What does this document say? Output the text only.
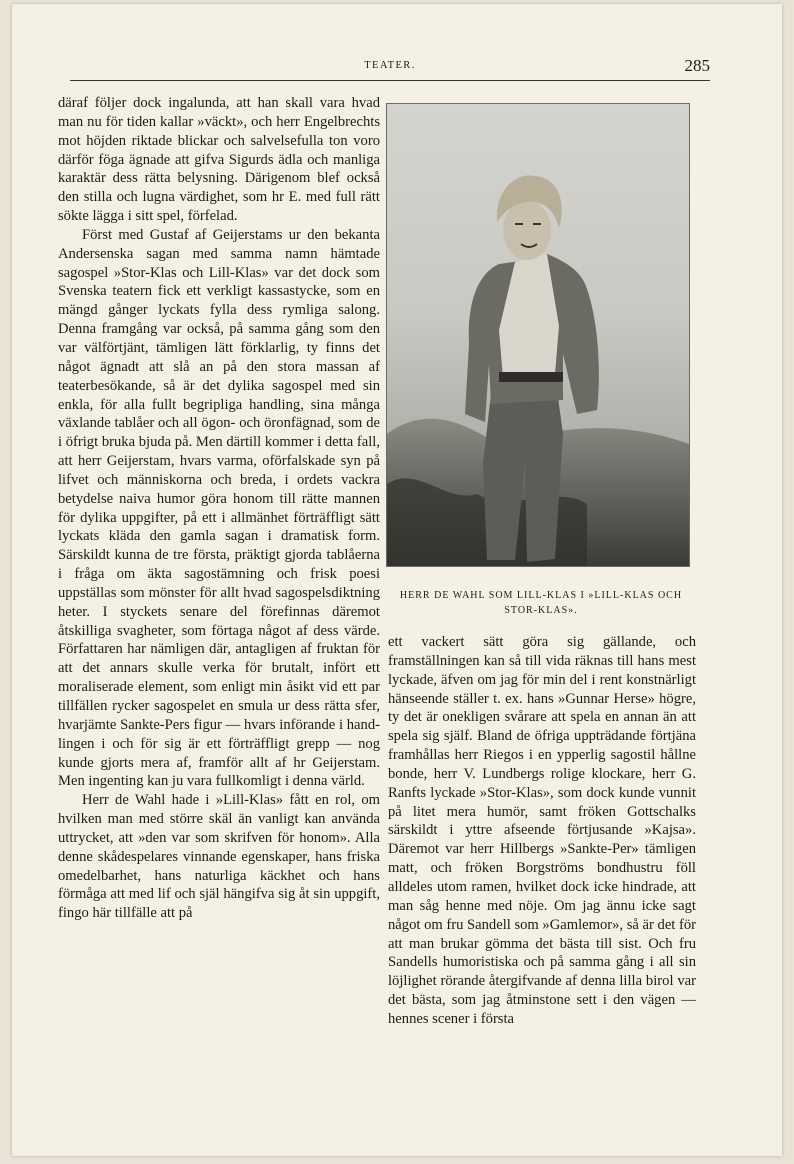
TEATER.	285

däraf följer dock ingalunda, att han skall vara hvad man nu för tiden kallar »väckt», och herr Engelbrechts mot höjden riktade blickar och salvelsefulla ton voro därför föga ägnade att gifva Sigurds ädla och manliga karaktär dess rätta belysning. Därigenom blef också den stilla och lugna värdighet, som hr E. med full rätt sökte lägga i sitt spel, förfelad.

Först med Gustaf af Geijerstams ur den bekanta Andersenska sagan med samma namn hämtade sagospel »Stor-Klas och Lill-Klas» var det dock som Svenska teatern fick ett verkligt kassastycke, som en mängd gånger lyckats fylla dess rymliga salong. Denna framgång var också, på samma gång som den var välförtjänt, tämligen lätt förklarlig, ty finns det något ägnadt att slå an på den stora massan af teaterbesökande, så är det dylika sagospel med sin enkla, för alla fullt begripliga handling, sina många växlande tablåer och all ögon- och öronfägnad, som de i öfrigt bruka bjuda på. Men därtill kommer i detta fall, att herr Geijerstam, hvars varma, oförfalskade syn på lifvet och människorna och breda, i ordets vackra betydelse naiva humor göra honom till rätte mannen för dylika uppgifter, på ett i allmänhet förträffligt sätt lyckats kläda den gamla sagan i dramatisk form. Särskildt kunna de tre första, präktigt gjorda tablåerna i fråga om äkta sagostämning och frisk poesi uppställas som mönster för allt hvad sagospelsdiktning heter. I styckets senare del förefinnas däremot åtskilliga svagheter, som förtaga något af dess värde. Författaren har nämligen där, antagligen af fruktan för att det annars skulle verka för brutalt, infört ett moraliserade element, som enligt min åsikt vid ett par tillfällen rycker sagospelet en smula ur dess rätta sfer, hvarjämte Sankte-Pers figur — hvars införande i handlingen i och för sig är ett förträffligt grepp — nog kunde gjorts mera af, framför allt af hr Geijerstam. Men ingenting kan ju vara fullkomligt i denna värld.

Herr de Wahl hade i »Lill-Klas» fått en rol, om hvilken man med större skäl än vanligt kan använda uttrycket, att »den var som skrifven för honom». Alla denne skådespelares vinnande egenskaper, hans friska omedelbarhet, hans naturliga käckhet och hans förmåga att med lif och själ hängifva sig åt sin uppgift, fingo här tillfälle att på

HERR DE WAHL SOM LILL-KLAS I »LILL-KLAS OCH STOR-KLAS».

ett vackert sätt göra sig gällande, och framställningen kan så till vida räknas till hans mest lyckade, äfven om jag för min del i rent konstnärligt hänseende ställer t. ex. hans »Gunnar Herse» högre, ty det är onekligen svårare att spela en annan än att spela sig själf. Bland de öfriga uppträdande förtjäna framhållas herr Riegos i en ypperlig sagostil hållne bonde, herr V. Lundbergs rolige klockare, herr G. Ranfts lyckade »Stor-Klas», som dock kunde vunnit på litet mera humör, samt fröken Gottschalks särskildt i yttre afseende förtjusande »Kajsa». Däremot var herr Hillbergs »Sankte-Per» tämligen matt, och fröken Borgströms bondhustru föll alldeles utom ramen, hvilket dock icke hindrade, att man såg henne med nöje. Om jag ännu icke sagt något om fru Sandell som »Gamlemor», så är det för att man brukar gömma det bästa till sist. Och fru Sandells humoristiska och på samma gång i all sin löjlighet rörande återgifvande af denna lilla birol var det bästa, som jag åtminstone sett i den vägen — hennes scener i första
